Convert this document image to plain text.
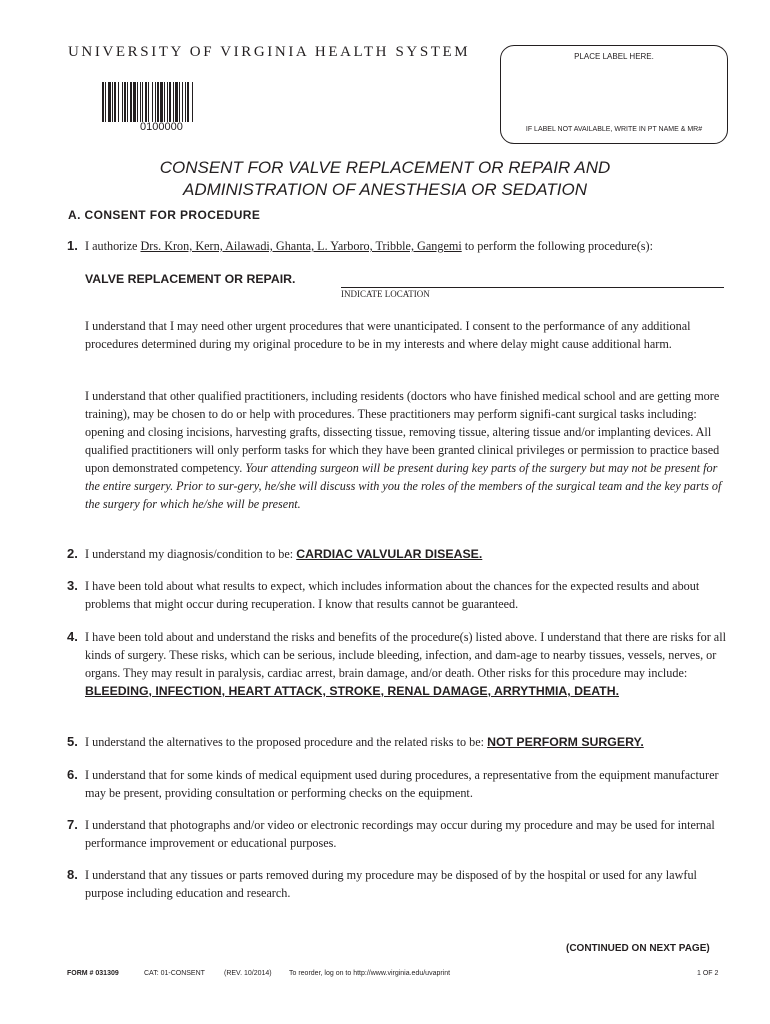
UNIVERSITY OF VIRGINIA HEALTH SYSTEM
0100000
PLACE LABEL HERE.
IF LABEL NOT AVAILABLE, WRITE IN PT NAME & MR#
CONSENT FOR VALVE REPLACEMENT OR REPAIR AND
ADMINISTRATION OF ANESTHESIA OR SEDATION
A. CONSENT FOR PROCEDURE
1. I authorize Drs. Kron, Kern, Ailawadi, Ghanta, L. Yarboro, Tribble, Gangemi to perform the following procedure(s):
VALVE REPLACEMENT OR REPAIR.
INDICATE LOCATION
I understand that I may need other urgent procedures that were unanticipated. I consent to the performance of any additional procedures determined during my original procedure to be in my interests and where delay might cause additional harm.
I understand that other qualified practitioners, including residents (doctors who have finished medical school and are getting more training), may be chosen to do or help with procedures. These practitioners may perform signifi-cant surgical tasks including: opening and closing incisions, harvesting grafts, dissecting tissue, removing tissue, altering tissue and/or implanting devices. All qualified practitioners will only perform tasks for which they have been granted clinical privileges or permission to practice based upon demonstrated competency. Your attending surgeon will be present during key parts of the surgery but may not be present for the entire surgery. Prior to sur-gery, he/she will discuss with you the roles of the members of the surgical team and the key parts of the surgery for which he/she will be present.
2. I understand my diagnosis/condition to be: CARDIAC VALVULAR DISEASE.
3. I have been told about what results to expect, which includes information about the chances for the expected results and about problems that might occur during recuperation. I know that results cannot be guaranteed.
4. I have been told about and understand the risks and benefits of the procedure(s) listed above. I understand that there are risks for all kinds of surgery. These risks, which can be serious, include bleeding, infection, and dam-age to nearby tissues, vessels, nerves, or organs. They may result in paralysis, cardiac arrest, brain damage, and/or death. Other risks for this procedure may include: BLEEDING, INFECTION, HEART ATTACK, STROKE, RENAL DAMAGE, ARRYTHMIA, DEATH.
5. I understand the alternatives to the proposed procedure and the related risks to be: NOT PERFORM SURGERY.
6. I understand that for some kinds of medical equipment used during procedures, a representative from the equipment manufacturer may be present, providing consultation or performing checks on the equipment.
7. I understand that photographs and/or video or electronic recordings may occur during my procedure and may be used for internal performance improvement or educational purposes.
8. I understand that any tissues or parts removed during my procedure may be disposed of by the hospital or used for any lawful purpose including education and research.
(CONTINUED ON NEXT PAGE)
FORM # 031309	CAT: 01-CONSENT	(REV. 10/2014) To reorder, log on to http://www.virginia.edu/uvaprint	1 OF 2
